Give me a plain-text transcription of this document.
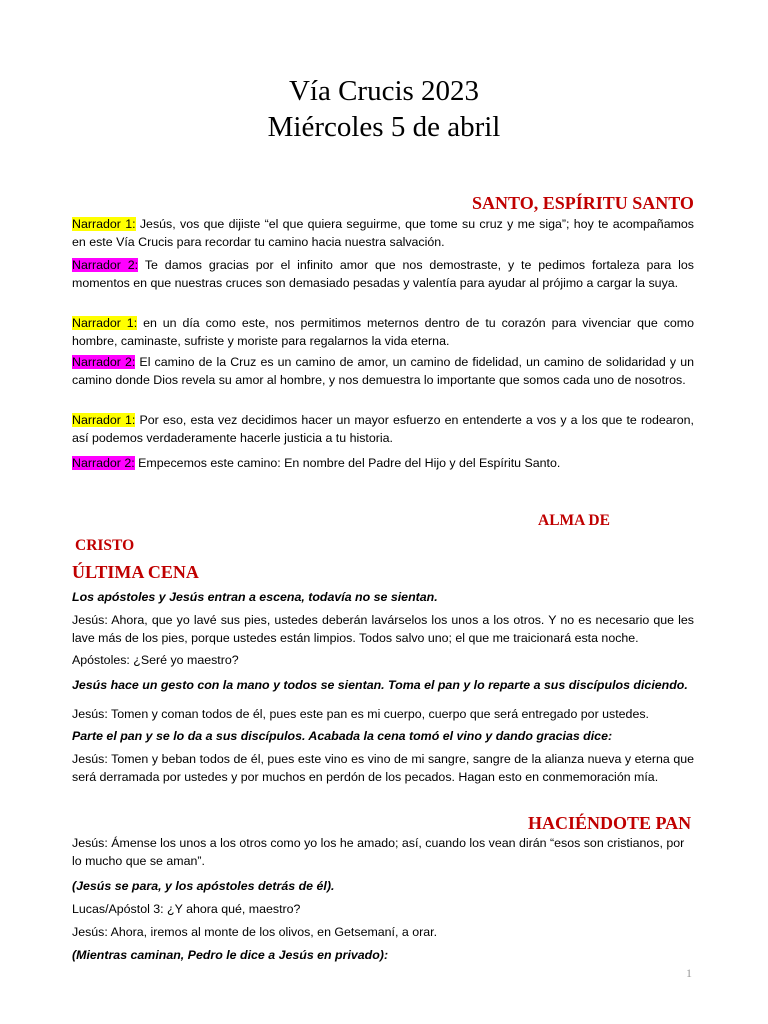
Vía Crucis 2023
Miércoles 5 de abril
SANTO, ESPÍRITU SANTO

Narrador 1: Jesús, vos que dijiste “el que quiera seguirme, que tome su cruz y me siga”; hoy te acompañamos en este Vía Crucis para recordar tu camino hacia nuestra salvación.

Narrador 2: Te damos gracias por el infinito amor que nos demostraste, y te pedimos fortaleza para los momentos en que nuestras cruces son demasiado pesadas y valentía para ayudar al prójimo a cargar la suya.

Narrador 1: en un día como este, nos permitimos meternos dentro de tu corazón para vivenciar que como hombre, caminaste, sufriste y moriste para regalarnos la vida eterna.

Narrador 2: El camino de la Cruz es un camino de amor, un camino de fidelidad, un camino de solidaridad y un camino donde Dios revela su amor al hombre, y nos demuestra lo importante que somos cada uno de nosotros.

Narrador 1: Por eso, esta vez decidimos hacer un mayor esfuerzo en entenderte a vos y a los que te rodearon, así podemos verdaderamente hacerle justicia a tu historia.

Narrador 2: Empecemos este camino: En nombre del Padre del Hijo y del Espíritu Santo.

ALMA DE
CRISTO
ÚLTIMA CENA

Los apóstoles y Jesús entran a escena, todavía no se sientan.

Jesús: Ahora, que yo lavé sus pies, ustedes deberán lavárselos los unos a los otros. Y no es necesario que les lave más de los pies, porque ustedes están limpios. Todos salvo uno; el que me traicionará esta noche.

Apóstoles: ¿Seré yo maestro?

Jesús hace un gesto con la mano y todos se sientan. Toma el pan y lo reparte a sus discípulos diciendo.

Jesús: Tomen y coman todos de él, pues este pan es mi cuerpo, cuerpo que será entregado por ustedes.

Parte el pan y se lo da a sus discípulos. Acabada la cena tomó el vino y dando gracias dice:

Jesús: Tomen y beban todos de él, pues este vino es vino de mi sangre, sangre de la alianza nueva y eterna que será derramada por ustedes y por muchos en perdón de los pecados. Hagan esto en conmemoración mía.

HACIÉNDOTE PAN

Jesús: Ámense los unos a los otros como yo los he amado; así, cuando los vean dirán “esos son cristianos, por lo mucho que se aman”.

(Jesús se para, y los apóstoles detrás de él).

Lucas/Apóstol 3: ¿Y ahora qué, maestro?

Jesús: Ahora, iremos al monte de los olivos, en Getsemaní, a orar.

(Mientras caminan, Pedro le dice a Jesús en privado):

1
